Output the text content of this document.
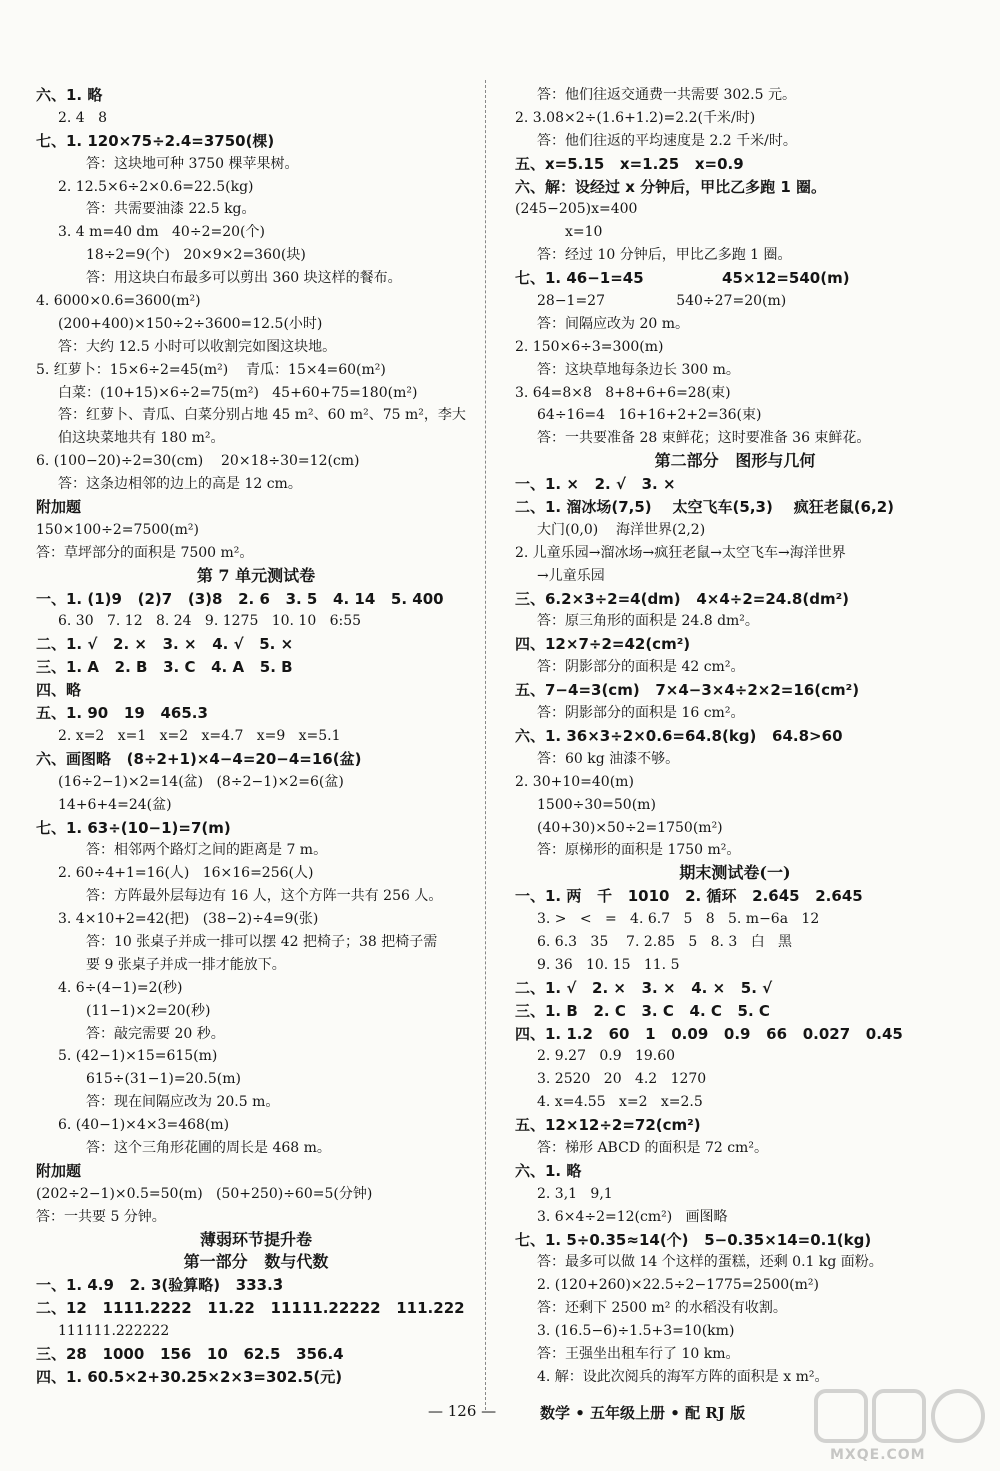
六、1. 略
2. 4   8
七、1. 120×75÷2.4=3750(棵)
答：这块地可种 3750 棵苹果树。
2. 12.5×6÷2×0.6=22.5(kg)
答：共需要油漆 22.5 kg。
3. 4 m=40 dm   40÷2=20(个)
18÷2=9(个)   20×9×2=360(块)
答：用这块白布最多可以剪出 360 块这样的餐布。
4. 6000×0.6=3600(m²)
(200+400)×150÷2÷3600=12.5(小时)
答：大约 12.5 小时可以收割完如图这块地。
5. 红萝卜：15×6÷2=45(m²)    青瓜：15×4=60(m²)
白菜：(10+15)×6÷2=75(m²)   45+60+75=180(m²)
答：红萝卜、青瓜、白菜分别占地 45 m²、60 m²、75 m²，李大
伯这块菜地共有 180 m²。
6. (100−20)÷2=30(cm)    20×18÷30=12(cm)
答：这条边相邻的边上的高是 12 cm。
附加题
150×100÷2=7500(m²)
答：草坪部分的面积是 7500 m²。
第 7 单元测试卷
一、1. (1)9   (2)7   (3)8   2. 6   3. 5   4. 14   5. 400
6. 30   7. 12   8. 24   9. 1275   10. 10   6:55
二、1. √   2. ×   3. ×   4. √   5. ×
三、1. A   2. B   3. C   4. A   5. B
四、略
五、1. 90   19   465.3
2. x=2   x=1   x=2   x=4.7   x=9   x=5.1
六、画图略   (8÷2+1)×4−4=20−4=16(盆)
(16÷2−1)×2=14(盆)   (8÷2−1)×2=6(盆)
14+6+4=24(盆)
七、1. 63÷(10−1)=7(m)
答：相邻两个路灯之间的距离是 7 m。
2. 60÷4+1=16(人)   16×16=256(人)
答：方阵最外层每边有 16 人，这个方阵一共有 256 人。
3. 4×10+2=42(把)   (38−2)÷4=9(张)
答：10 张桌子并成一排可以摆 42 把椅子；38 把椅子需
要 9 张桌子并成一排才能放下。
4. 6÷(4−1)=2(秒)
(11−1)×2=20(秒)
答：敲完需要 20 秒。
5. (42−1)×15=615(m)
615÷(31−1)=20.5(m)
答：现在间隔应改为 20.5 m。
6. (40−1)×4×3=468(m)
答：这个三角形花圃的周长是 468 m。
附加题
(202÷2−1)×0.5=50(m)   (50+250)÷60=5(分钟)
答：一共要 5 分钟。
薄弱环节提升卷
第一部分   数与代数
一、1. 4.9   2. 3(验算略)   333.3̇
二、12   1111.2222   11.22   11111.22222   111.222
111111.222222
三、28   1000   156   10   62.5   356.4
四、1. 60.5×2+30.25×2×3=302.5(元)
答：他们往返交通费一共需要 302.5 元。
2. 3.08×2÷(1.6+1.2)=2.2(千米/时)
答：他们往返的平均速度是 2.2 千米/时。
五、x=5.15   x=1.25   x=0.9
六、解：设经过 x 分钟后，甲比乙多跑 1 圈。
(245−205)x=400
x=10
答：经过 10 分钟后，甲比乙多跑 1 圈。
七、1. 46−1=45               45×12=540(m)
28−1=27                540÷27=20(m)
答：间隔应改为 20 m。
2. 150×6÷3=300(m)
答：这块草地每条边长 300 m。
3. 64=8×8   8+8+6+6=28(束)
64÷16=4   16+16+2+2=36(束)
答：一共要准备 28 束鲜花；这时要准备 36 束鲜花。
第二部分   图形与几何
一、1. ×   2. √   3. ×
二、1. 溜冰场(7,5)    太空飞车(5,3)    疯狂老鼠(6,2)
大门(0,0)    海洋世界(2,2)
2. 儿童乐园→溜冰场→疯狂老鼠→太空飞车→海洋世界
→儿童乐园
三、6.2×3÷2=4(dm)   4×4÷2=24.8(dm²)
答：原三角形的面积是 24.8 dm²。
四、12×7÷2=42(cm²)
答：阴影部分的面积是 42 cm²。
五、7−4=3(cm)   7×4−3×4÷2×2=16(cm²)
答：阴影部分的面积是 16 cm²。
六、1. 36×3÷2×0.6=64.8(kg)   64.8>60
答：60 kg 油漆不够。
2. 30+10=40(m)
1500÷30=50(m)
(40+30)×50÷2=1750(m²)
答：原梯形的面积是 1750 m²。
期末测试卷(一)
一、1. 两   千   1010   2. 循环   2.6̇4̇5   2.645
3. >   <   =   4. 6.7   5   8   5. m−6a   12
6. 6.3   35    7. 2.85   5   8. 3   白   黑
9. 36   10. 15   11. 5
二、1. √   2. ×   3. ×   4. ×   5. √
三、1. B   2. C   3. C   4. C   5. C
四、1. 1.2   60   1   0.09   0.9   66   0.027   0.45
2. 9.27   0.9   19.60
3. 2520   20   4.2   1270
4. x=4.55   x=2   x=2.5
五、12×12÷2=72(cm²)
答：梯形 ABCD 的面积是 72 cm²。
六、1. 略
2. 3,1   9,1
3. 6×4÷2=12(cm²)   画图略
七、1. 5÷0.35≈14(个)   5−0.35×14=0.1(kg)
答：最多可以做 14 个这样的蛋糕，还剩 0.1 kg 面粉。
2. (120+260)×22.5÷2−1775=2500(m²)
答：还剩下 2500 m² 的水稻没有收割。
3. (16.5−6)÷1.5+3=10(km)
答：王强坐出租车行了 10 km。
4. 解：设此次阅兵的海军方阵的面积是 x m²。
— 126 —	数学 • 五年级上册 • 配 RJ 版
MXQE.COM
